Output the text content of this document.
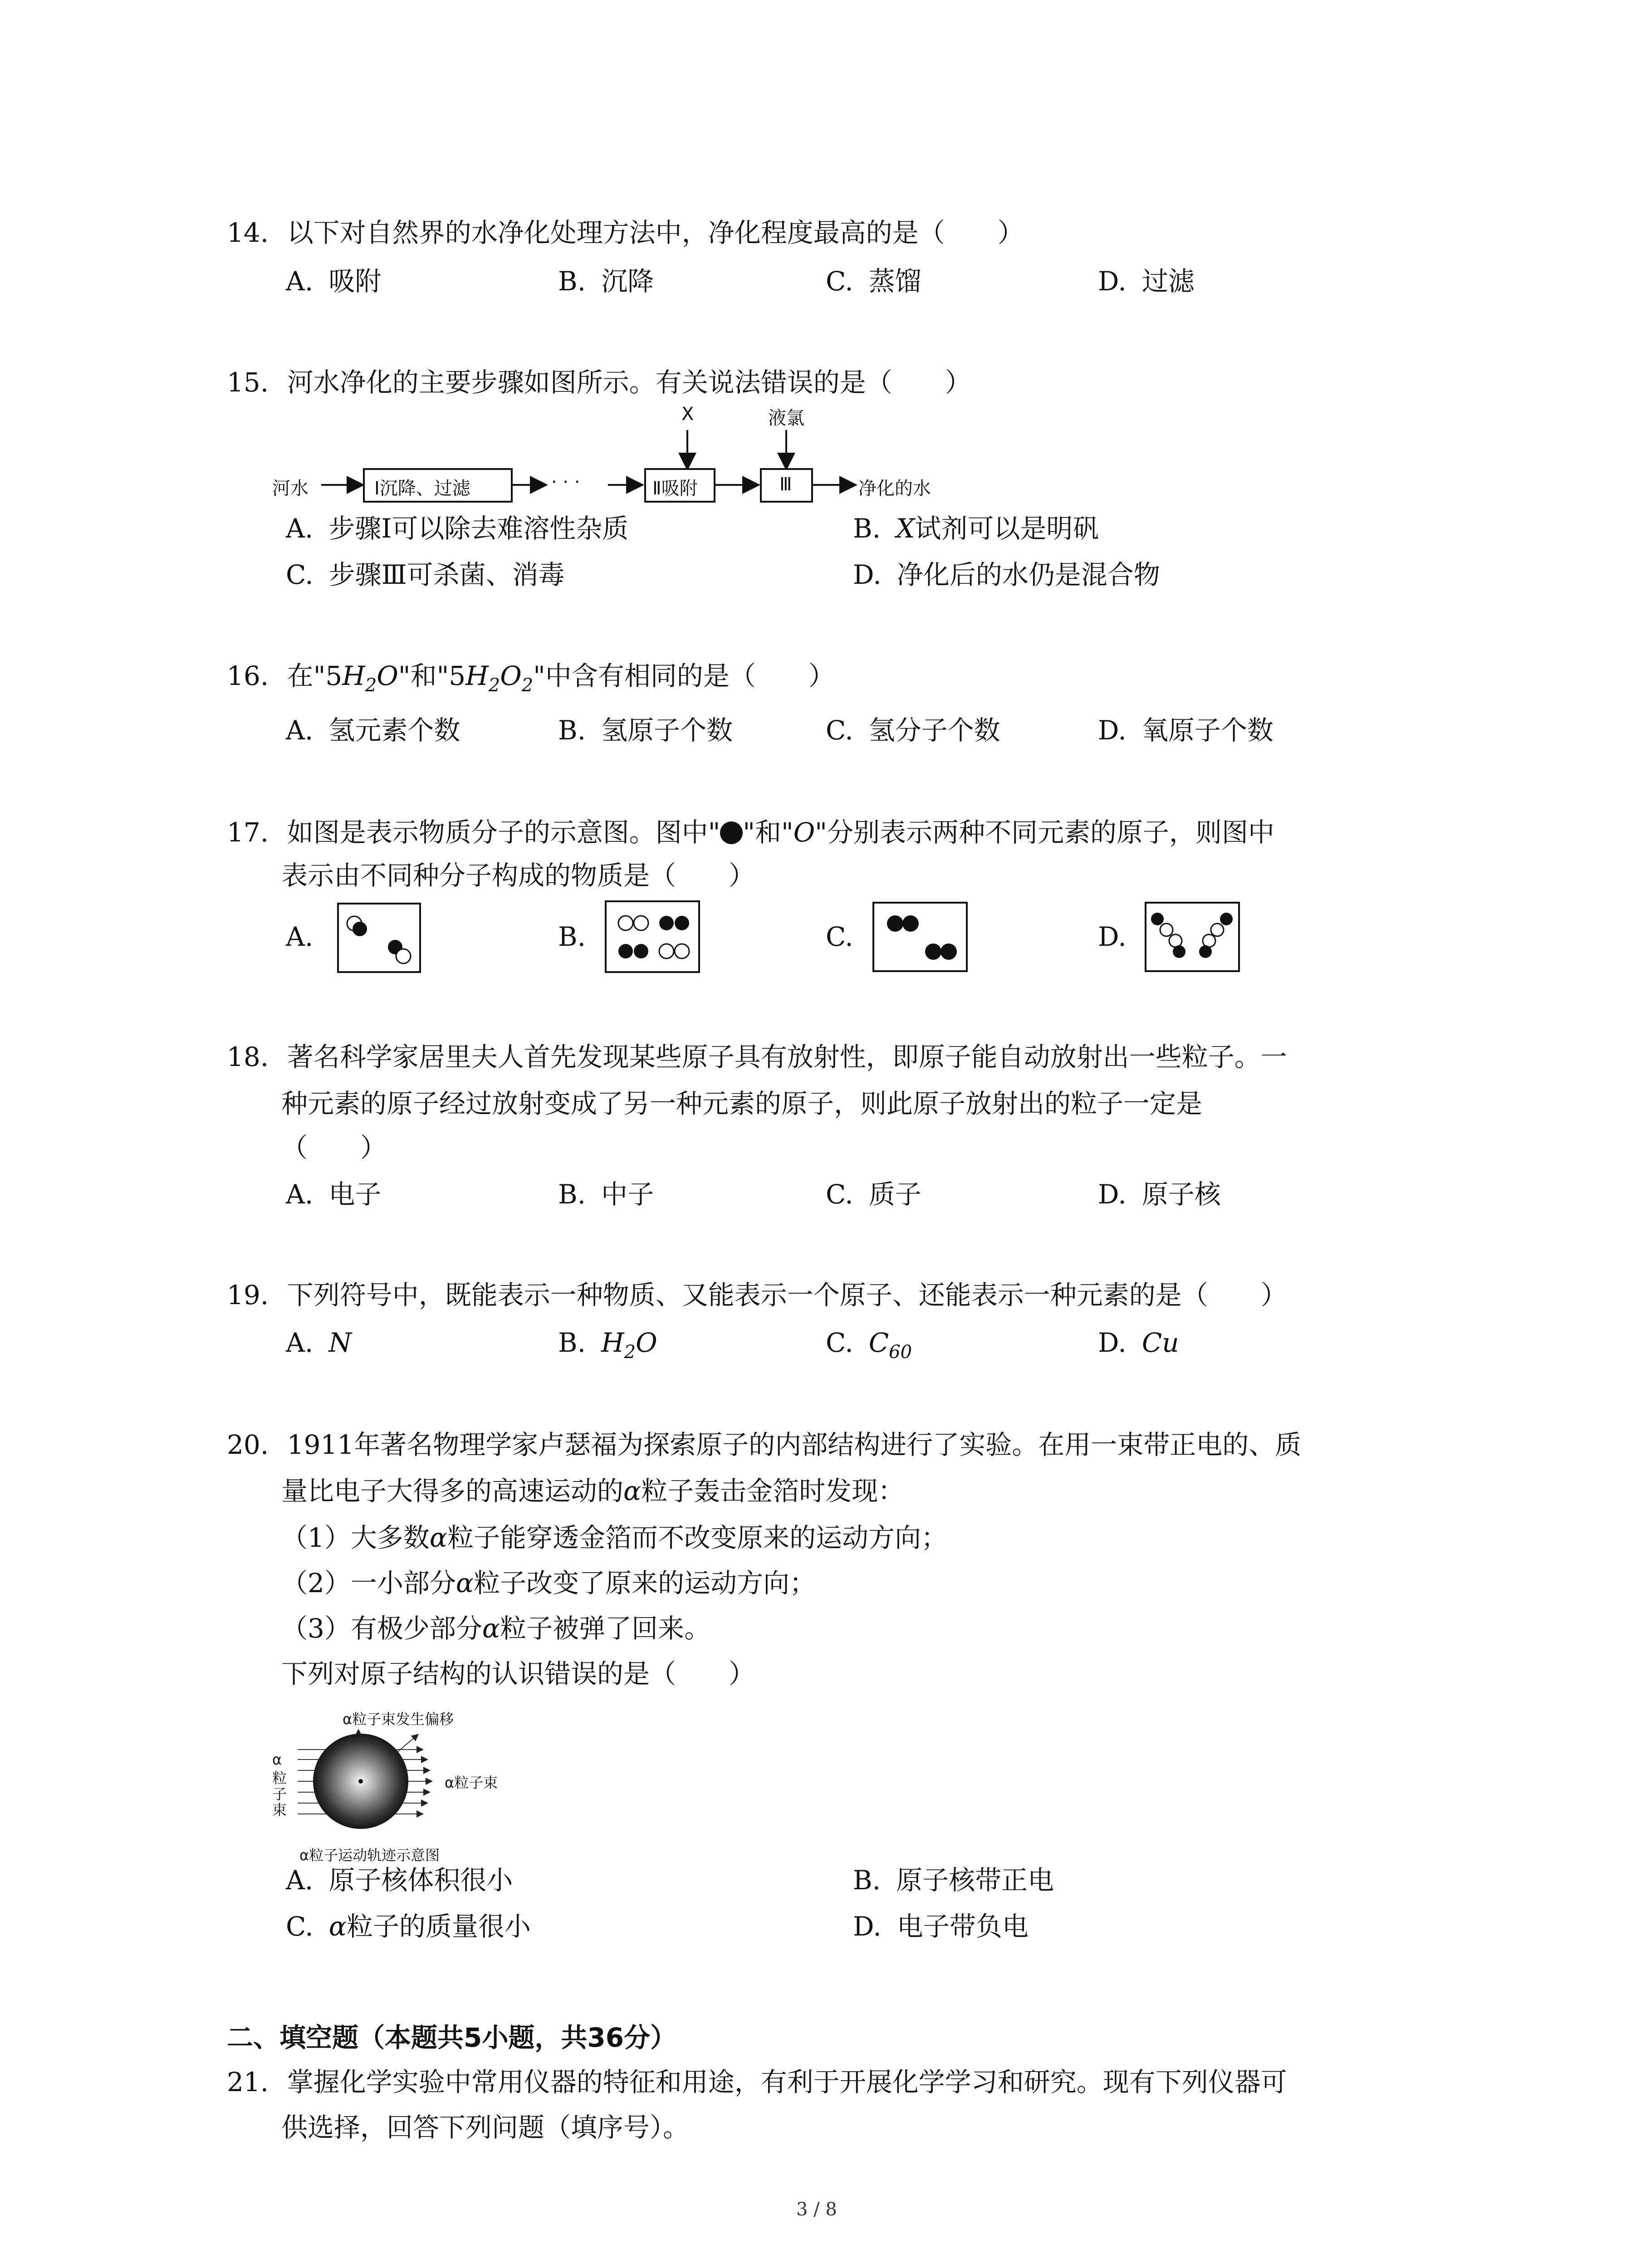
14. 以下对自然界的水净化处理方法中，净化程度最高的是（　　）
A. 吸附	B. 沉降	C. 蒸馏	D. 过滤
15. 河水净化的主要步骤如图所示。有关说法错误的是（　　）
河水	Ⅰ沉降、过滤	· · ·	Ⅱ吸附	Ⅲ
X	液氯
净化的水
A. 步骤Ⅰ可以除去难溶性杂质	B. X试剂可以是明矾
C. 步骤Ⅲ可杀菌、消毒	D. 净化后的水仍是混合物
16. 在"$5H_2O$"和"$5H_2O_2$"中含有相同的是（　　）
A. 氢元素个数	B. 氢原子个数	C. 氢分子个数	D. 氧原子个数
17. 如图是表示物质分子的示意图。图中" "和"O"分别表示两种不同元素的原子，则图中
表示由不同种分子构成的物质是（　　）
A.	B.	C.	D.
18. 著名科学家居里夫人首先发现某些原子具有放射性，即原子能自动放射出一些粒子。一
种元素的原子经过放射变成了另一种元素的原子，则此原子放射出的粒子一定是
（　　）
A. 电子	B. 中子	C. 质子	D. 原子核
19. 下列符号中，既能表示一种物质、又能表示一个原子、还能表示一种元素的是（　　）
A. N	B. $H_2O$	C. $C_{60}$	D. Cu
20. 1911年著名物理学家卢瑟福为探索原子的内部结构进行了实验。在用一束带正电的、质
量比电子大得多的高速运动的α粒子轰击金箔时发现：
（1）大多数α粒子能穿透金箔而不改变原来的运动方向；
（2）一小部分α粒子改变了原来的运动方向；
（3）有极少部分α粒子被弹了回来。
下列对原子结构的认识错误的是（　　）
α粒子束发生偏移
α
粒
子
束
α粒子束
α粒子运动轨迹示意图
A. 原子核体积很小	B. 原子核带正电
C. α粒子的质量很小	D. 电子带负电
二、填空题（本题共5小题，共36分）
21. 掌握化学实验中常用仪器的特征和用途，有利于开展化学学习和研究。现有下列仪器可
供选择，回答下列问题（填序号）。
3 / 8
